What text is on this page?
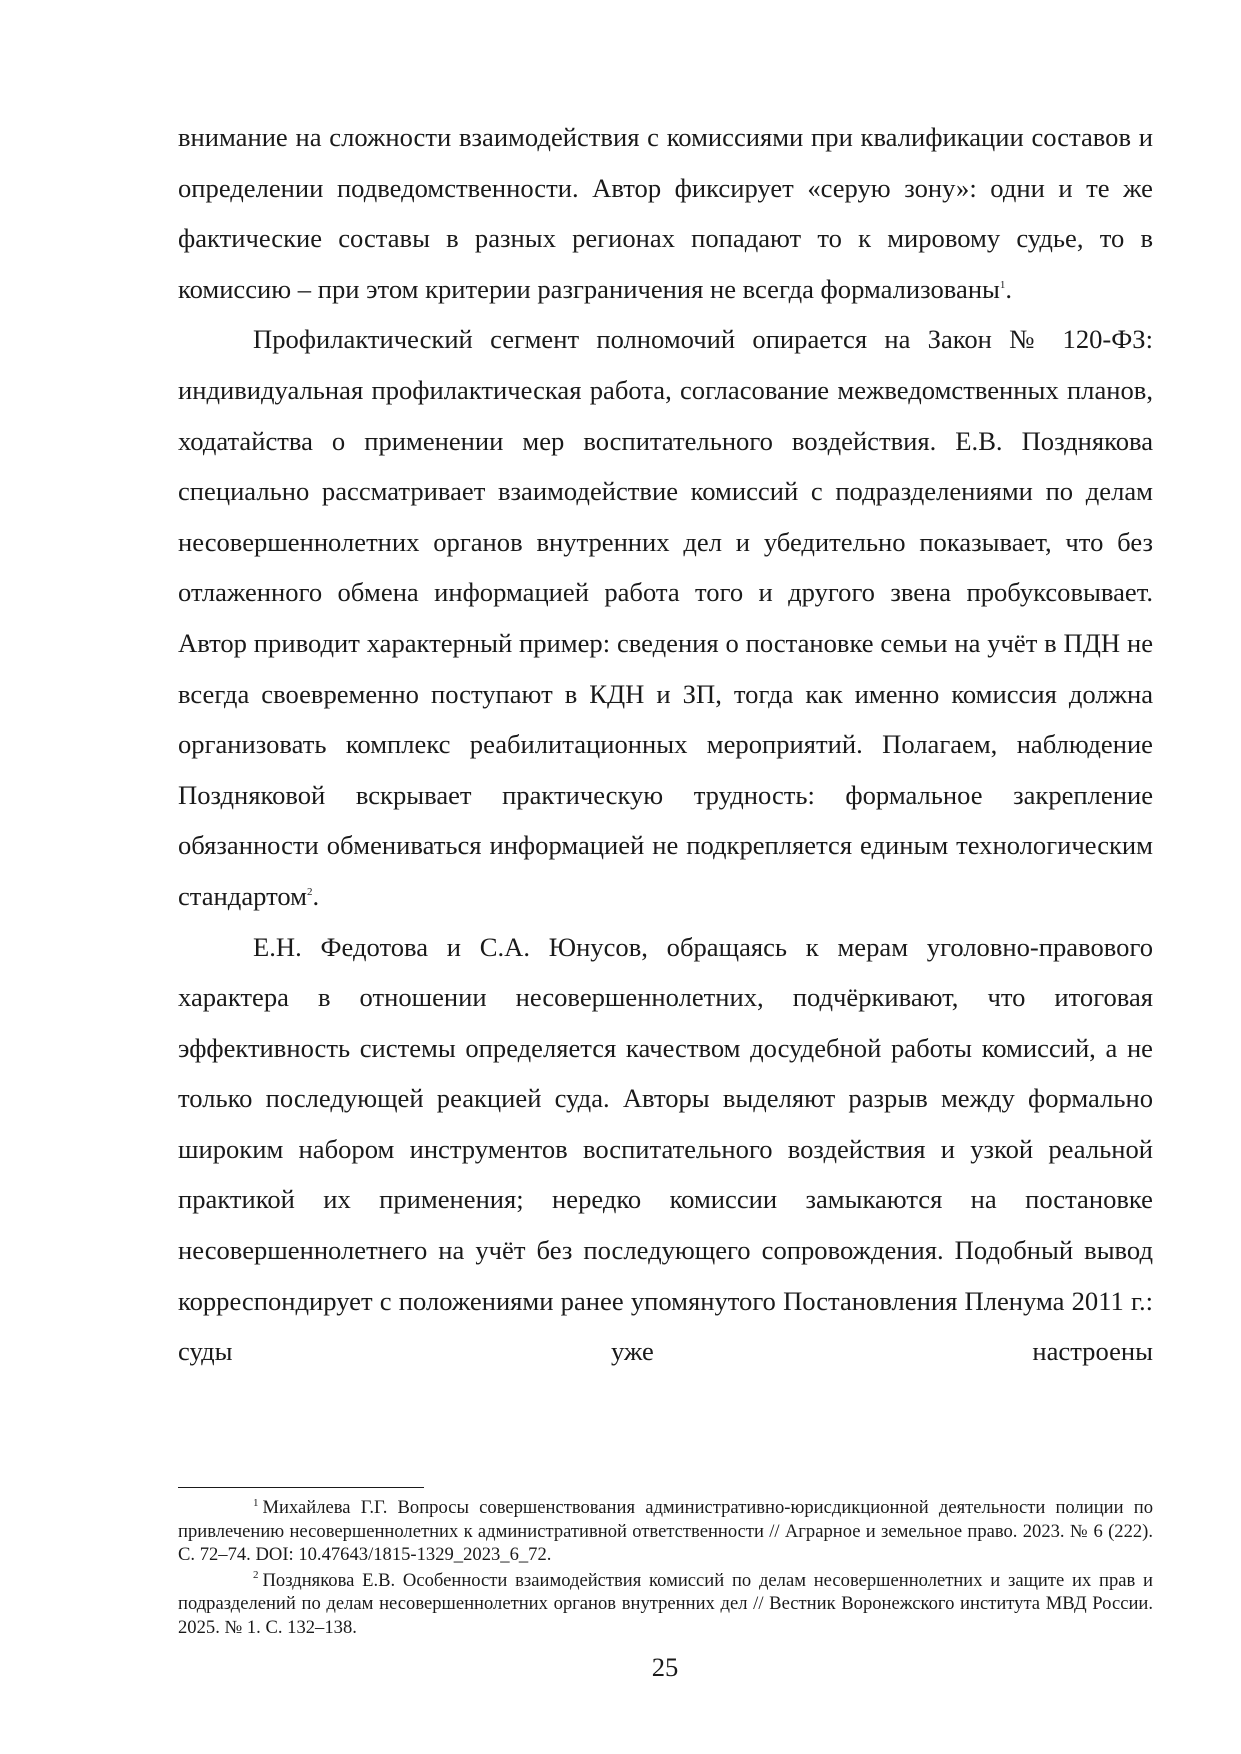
внимание на сложности взаимодействия с комиссиями при квалификации составов и определении подведомственности. Автор фиксирует «серую зону»: одни и те же фактические составы в разных регионах попадают то к мировому судье, то в комиссию – при этом критерии разграничения не всегда формализованы$^1$.

Профилактический сегмент полномочий опирается на Закон № 120-ФЗ: индивидуальная профилактическая работа, согласование межведомственных планов, ходатайства о применении мер воспитательного воздействия. Е.В. Позднякова специально рассматривает взаимодействие комиссий с подразделениями по делам несовершеннолетних органов внутренних дел и убедительно показывает, что без отлаженного обмена информацией работа того и другого звена пробуксовывает. Автор приводит характерный пример: сведения о постановке семьи на учёт в ПДН не всегда своевременно поступают в КДН и ЗП, тогда как именно комиссия должна организовать комплекс реабилитационных мероприятий. Полагаем, наблюдение Поздняковой вскрывает практическую трудность: формальное закрепление обязанности обмениваться информацией не подкрепляется единым технологическим стандартом$^2$.

Е.Н. Федотова и С.А. Юнусов, обращаясь к мерам уголовно-правового характера в отношении несовершеннолетних, подчёркивают, что итоговая эффективность системы определяется качеством досудебной работы комиссий, а не только последующей реакцией суда. Авторы выделяют разрыв между формально широким набором инструментов воспитательного воздействия и узкой реальной практикой их применения; нередко комиссии замыкаются на постановке несовершеннолетнего на учёт без последующего сопровождения. Подобный вывод корреспондирует с положениями ранее упомянутого Постановления Пленума 2011 г.: суды уже настроены

$^1$ Михайлева Г.Г. Вопросы совершенствования административно-юрисдикционной деятельности полиции по привлечению несовершеннолетних к административной ответственности // Аграрное и земельное право. 2023. № 6 (222). С. 72–74. DOI: 10.47643/1815-1329_2023_6_72.

$^2$ Позднякова Е.В. Особенности взаимодействия комиссий по делам несовершеннолетних и защите их прав и подразделений по делам несовершеннолетних органов внутренних дел // Вестник Воронежского института МВД России. 2025. № 1. С. 132–138.

25
